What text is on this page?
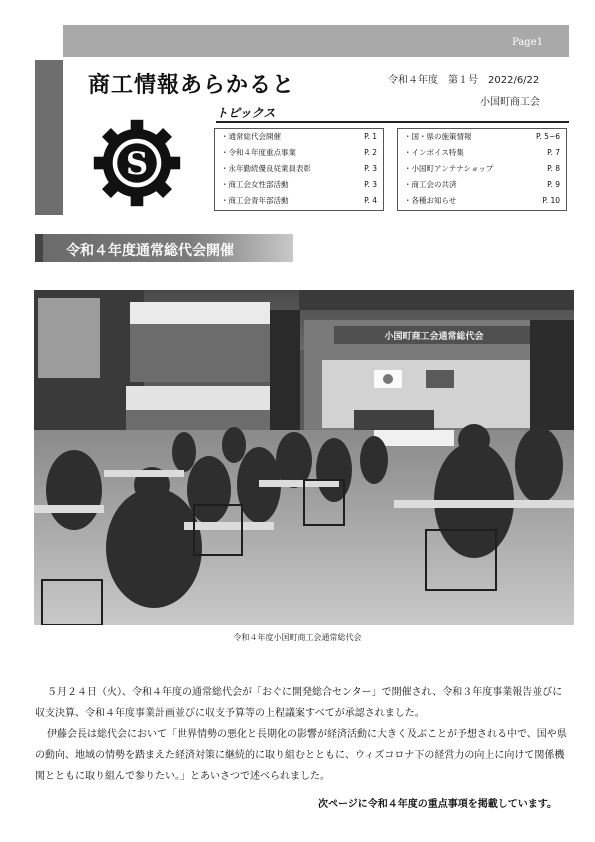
Page1
商工情報あらかると	令和４年度　第１号　2022/6/22
小国町商工会
トピックス
S
・通常総代会開催	P. 1
・令和４年度重点事業	P. 2
・永年勤続優良従業員表彰	P. 3
・商工会女性部活動	P. 3
・商工会青年部活動	P. 4
・国・県の施策情報	P. 5~6
・インボイス特集	P. 7
・小国町アンテナショップ	P. 8
・商工会の共済	P. 9
・各種お知らせ	P. 10
令和４年度通常総代会開催
小国町商工会通常総代会
令和４年度小国町商工会通常総代会

５月２４日（火）、令和４年度の通常総代会が「おぐに開発総合センター」で開催され、令和３年度事業報告並びに収支決算、令和４年度事業計画並びに収支予算等の上程議案すべてが承認されました。

伊藤会長は総代会において「世界情勢の悪化と長期化の影響が経済活動に大きく及ぶことが予想される中で、国や県の動向、地域の情勢を踏まえた経済対策に継続的に取り組むとともに、ウィズコロナ下の経営力の向上に向けて関係機関とともに取り組んで参りたい。」とあいさつで述べられました。

次ページに令和４年度の重点事項を掲載しています。
